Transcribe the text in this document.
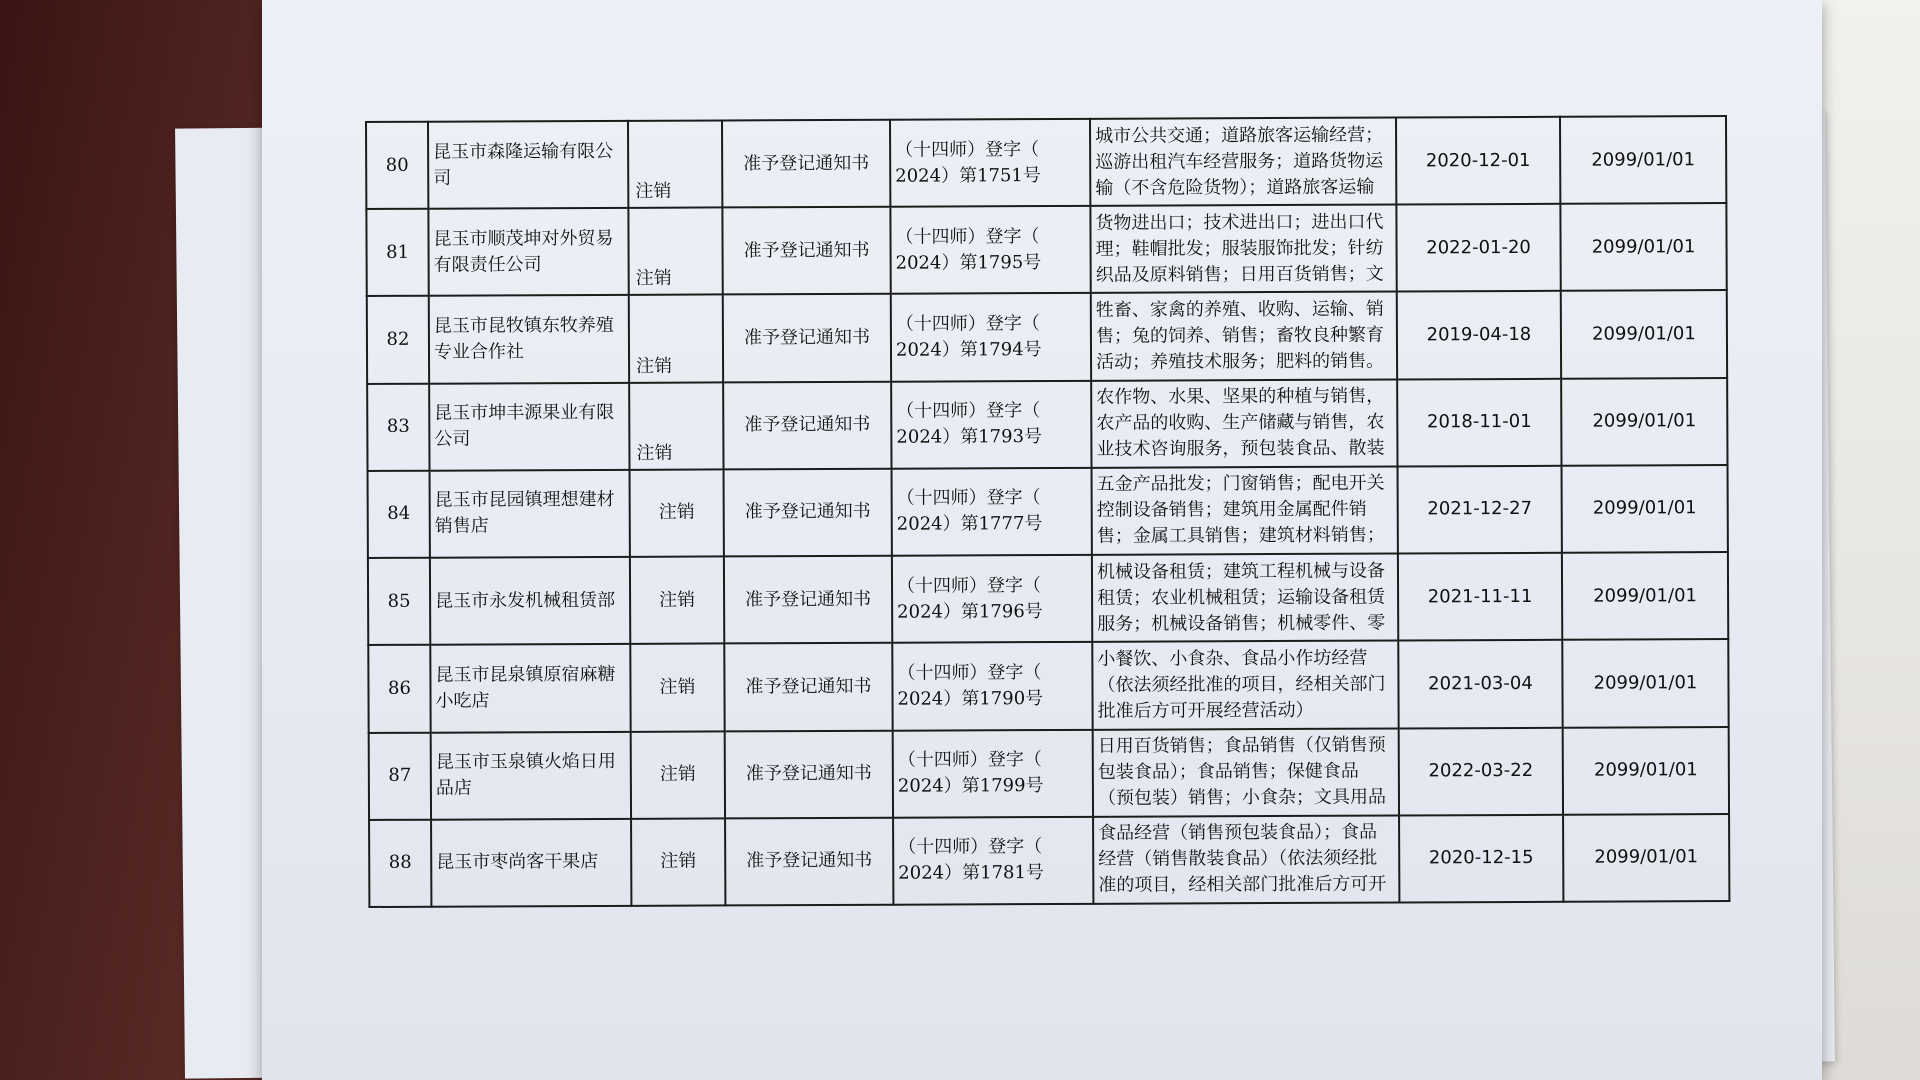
80	昆玉市森隆运输有限公司	注销	准予登记通知书	（十四师）登字（
2024）第1751号	城市公共交通；道路旅客运输经营；巡游出租汽车经营服务；道路货物运输（不含危险货物）；道路旅客运输	2020-12-01	2099/01/01
81	昆玉市顺茂坤对外贸易有限责任公司	注销	准予登记通知书	（十四师）登字（
2024）第1795号	货物进出口；技术进出口；进出口代理；鞋帽批发；服装服饰批发；针纺织品及原料销售；日用百货销售；文	2022-01-20	2099/01/01
82	昆玉市昆牧镇东牧养殖专业合作社	注销	准予登记通知书	（十四师）登字（
2024）第1794号	牲畜、家禽的养殖、收购、运输、销售；兔的饲养、销售；畜牧良种繁育活动；养殖技术服务；肥料的销售。	2019-04-18	2099/01/01
83	昆玉市坤丰源果业有限公司	注销	准予登记通知书	（十四师）登字（
2024）第1793号	农作物、水果、坚果的种植与销售，农产品的收购、生产储藏与销售，农业技术咨询服务，预包装食品、散装	2018-11-01	2099/01/01
84	昆玉市昆园镇理想建材销售店	注销	准予登记通知书	（十四师）登字（
2024）第1777号	五金产品批发；门窗销售；配电开关控制设备销售；建筑用金属配件销售；金属工具销售；建筑材料销售；	2021-12-27	2099/01/01
85	昆玉市永发机械租赁部	注销	准予登记通知书	（十四师）登字（
2024）第1796号	机械设备租赁；建筑工程机械与设备租赁；农业机械租赁；运输设备租赁服务；机械设备销售；机械零件、零	2021-11-11	2099/01/01
86	昆玉市昆泉镇原宿麻糖小吃店	注销	准予登记通知书	（十四师）登字（
2024）第1790号	小餐饮、小食杂、食品小作坊经营（依法须经批准的项目，经相关部门批准后方可开展经营活动）	2021-03-04	2099/01/01
87	昆玉市玉泉镇火焰日用品店	注销	准予登记通知书	（十四师）登字（
2024）第1799号	日用百货销售；食品销售（仅销售预包装食品）；食品销售；保健食品（预包装）销售；小食杂；文具用品	2022-03-22	2099/01/01
88	昆玉市枣尚客干果店	注销	准予登记通知书	（十四师）登字（
2024）第1781号	食品经营（销售预包装食品）；食品经营（销售散装食品）（依法须经批准的项目，经相关部门批准后方可开	2020-12-15	2099/01/01
